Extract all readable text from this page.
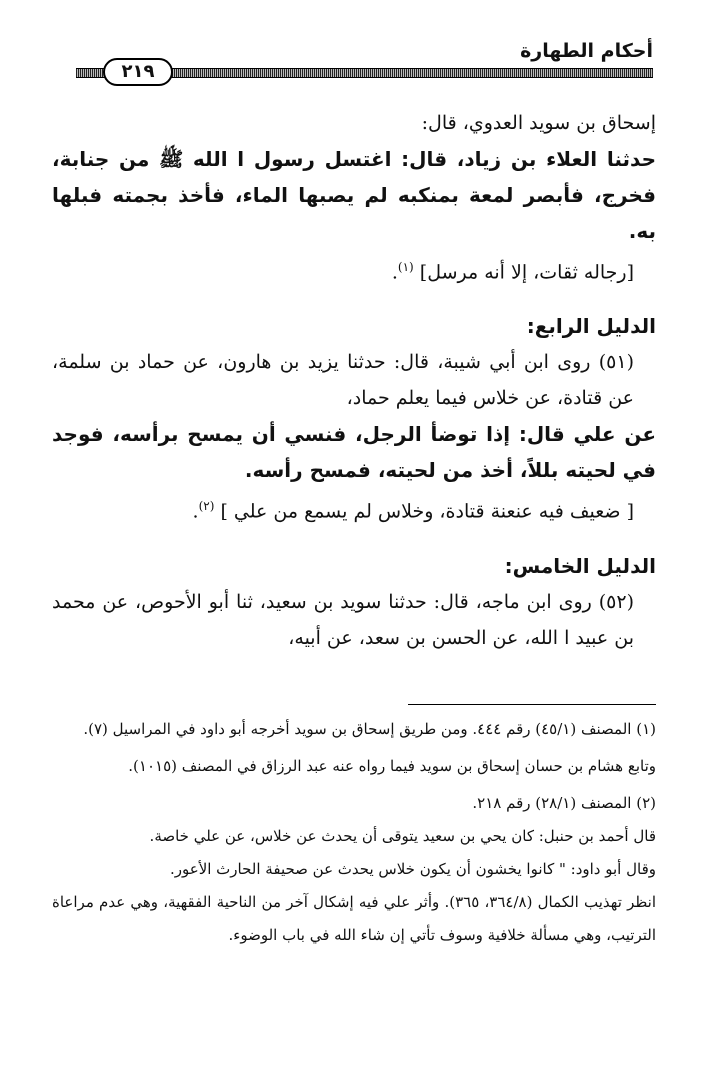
٢١٩
أحكام الطهارة

إسحاق بن سويد العدوي، قال:

حدثنا العلاء بن زياد، قال: اغتسل رسول ا الله ﷺ من جنابة، فخرج، فأبصر لمعة بمنكبه لم يصبها الماء، فأخذ بجمته فبلها به.

[رجاله ثقات، إلا أنه مرسل] $^{(١)}$.

الدليل الرابع:

(٥١) روى ابن أبي شيبة، قال: حدثنا يزيد بن هارون، عن حماد بن سلمة، عن قتادة، عن خلاس فيما يعلم حماد،

عن علي قال: إذا توضأ الرجل، فنسي أن يمسح برأسه، فوجد في لحيته بللاً، أخذ من لحيته، فمسح رأسه.

[ ضعيف فيه عنعنة قتادة، وخلاس لم يسمع من علي ] $^{(٢)}$.

الدليل الخامس:

(٥٢) روى ابن ماجه، قال: حدثنا سويد بن سعيد، ثنا أبو الأحوص، عن محمد بن عبيد ا الله، عن الحسن بن سعد، عن أبيه،

(١) المصنف (٤٥/١) رقم ٤٤٤. ومن طريق إسحاق بن سويد أخرجه أبو داود في المراسيل (٧).

وتابع هشام بن حسان إسحاق بن سويد فيما رواه عنه عبد الرزاق في المصنف (١٠١٥).

(٢) المصنف (٢٨/١) رقم ٢١٨.

قال أحمد بن حنبل: كان يحي بن سعيد يتوقى أن يحدث عن خلاس، عن علي خاصة.

وقال أبو داود: " كانوا يخشون أن يكون خلاس يحدث عن صحيفة الحارث الأعور.

انظر تهذيب الكمال (٣٦٤/٨، ٣٦٥). وأثر علي فيه إشكال آخر من الناحية الفقهية، وهي عدم مراعاة الترتيب، وهي مسألة خلافية وسوف تأتي إن شاء الله في باب الوضوء.
